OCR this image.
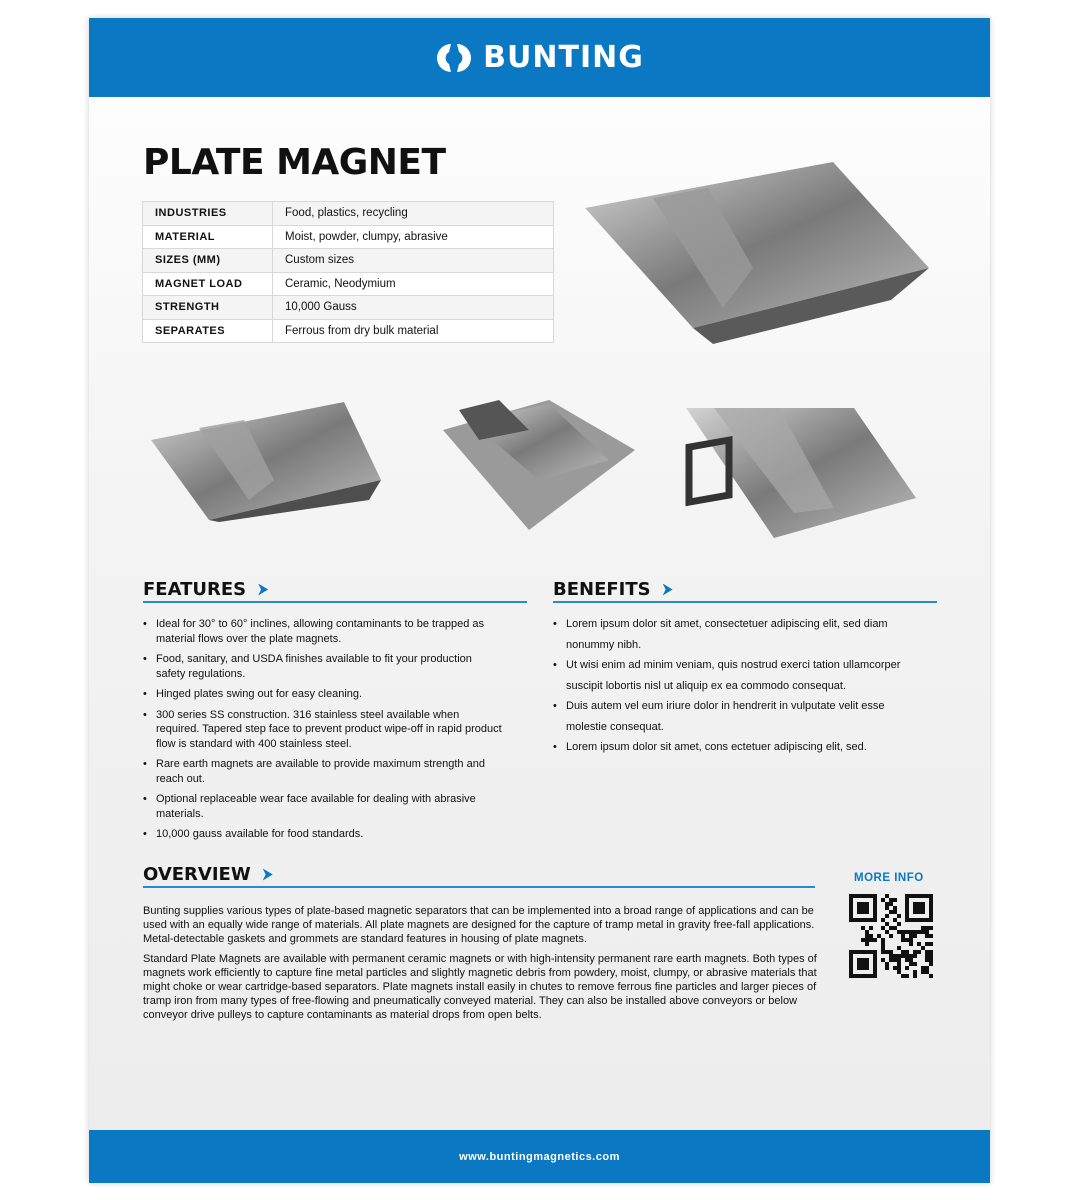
BUNTING
PLATE MAGNET
INDUSTRIES	Food, plastics, recycling
MATERIAL	Moist, powder, clumpy, abrasive
SIZES (MM)	Custom sizes
MAGNET LOAD	Ceramic, Neodymium
STRENGTH	10,000 Gauss
SEPARATES	Ferrous from dry bulk material
FEATURES
• Ideal for 30° to 60° inclines, allowing contaminants to be trapped as material flows over the plate magnets.
• Food, sanitary, and USDA finishes available to fit your production safety regulations.
• Hinged plates swing out for easy cleaning.
• 300 series SS construction. 316 stainless steel available when required. Tapered step face to prevent product wipe-off in rapid product flow is standard with 400 stainless steel.
• Rare earth magnets are available to provide maximum strength and reach out.
• Optional replaceable wear face available for dealing with abrasive materials.
• 10,000 gauss available for food standards.
BENEFITS
• Lorem ipsum dolor sit amet, consectetuer adipiscing elit, sed diam nonummy nibh.
• Ut wisi enim ad minim veniam, quis nostrud exerci tation ullamcorper suscipit lobortis nisl ut aliquip ex ea commodo consequat.
• Duis autem vel eum iriure dolor in hendrerit in vulputate velit esse molestie consequat.
• Lorem ipsum dolor sit amet, cons ectetuer adipiscing elit, sed.
OVERVIEW

Bunting supplies various types of plate-based magnetic separators that can be implemented into a broad range of applications and can be used with an equally wide range of materials. All plate magnets are designed for the capture of tramp metal in gravity free-fall applications. Metal-detectable gaskets and grommets are standard features in housing of plate magnets.

Standard Plate Magnets are available with permanent ceramic magnets or with high-intensity permanent rare earth magnets. Both types of magnets work efficiently to capture fine metal particles and slightly magnetic debris from powdery, moist, clumpy, or abrasive materials that might choke or wear cartridge-based separators. Plate magnets install easily in chutes to remove ferrous fine particles and larger pieces of tramp iron from many types of free-flowing and pneumatically conveyed material. They can also be installed above conveyors or below conveyor drive pulleys to capture contaminants as material drops from open belts.

MORE INFO
www.buntingmagnetics.com
